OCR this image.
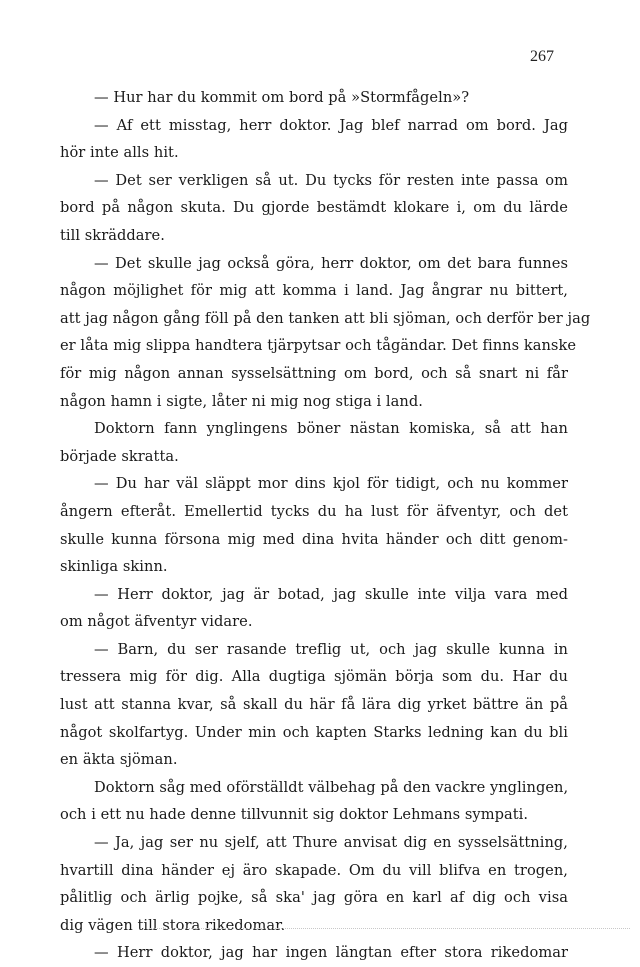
267
— Hur har du kommit om bord på »Stormfågeln»?
— Af ett misstag, herr doktor. Jag blef narrad om bord. Jag
hör inte alls hit.
— Det ser verkligen så ut. Du tycks för resten inte passa om
bord på någon skuta. Du gjorde bestämdt klokare i, om du lärde
till skräddare.
— Det skulle jag också göra, herr doktor, om det bara funnes
någon möjlighet för mig att komma i land. Jag ångrar nu bittert,
att jag någon gång föll på den tanken att bli sjöman, och derför ber jag
er låta mig slippa handtera tjärpytsar och tågändar. Det finns kanske
för mig någon annan sysselsättning om bord, och så snart ni får
någon hamn i sigte, låter ni mig nog stiga i land.
Doktorn fann ynglingens böner nästan komiska, så att han
började skratta.
— Du har väl släppt mor dins kjol för tidigt, och nu kommer
ångern efteråt. Emellertid tycks du ha lust för äfventyr, och det
skulle kunna försona mig med dina hvita händer och ditt genom-
skinliga skinn.
— Herr doktor, jag är botad, jag skulle inte vilja vara med
om något äfventyr vidare.
— Barn, du ser rasande treflig ut, och jag skulle kunna in
tressera mig för dig. Alla dugtiga sjömän börja som du. Har du
lust att stanna kvar, så skall du här få lära dig yrket bättre än på
något skolfartyg. Under min och kapten Starks ledning kan du bli
en äkta sjöman.
Doktorn såg med oförställdt välbehag på den vackre ynglingen,
och i ett nu hade denne tillvunnit sig doktor Lehmans sympati.
— Ja, jag ser nu sjelf, att Thure anvisat dig en sysselsättning,
hvartill dina händer ej äro skapade. Om du vill blifva en trogen,
pålitlig och ärlig pojke, så ska' jag göra en karl af dig och visa
dig vägen till stora rikedomar.
— Herr doktor, jag har ingen längtan efter stora rikedomar
